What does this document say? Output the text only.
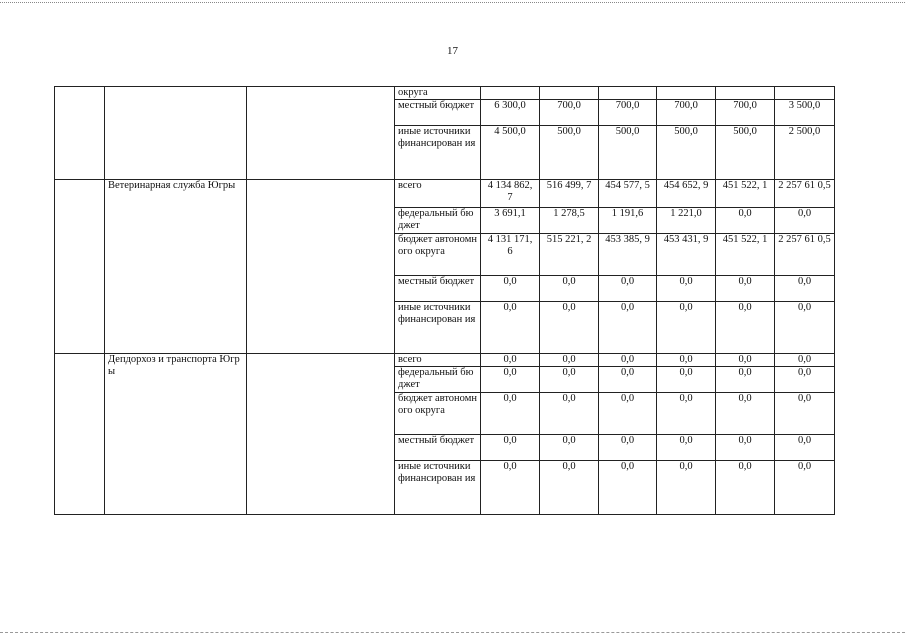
17
			округа						
			местный бюджет	6 300,0	700,0	700,0	700,0	700,0	3 500,0
			иные источники финансирован ия	4 500,0	500,0	500,0	500,0	500,0	2 500,0
	Ветеринарная служба Югры		всего	4 134 862, 7	516 499, 7	454 577, 5	454 652, 9	451 522, 1	2 257 61 0,5
			федеральный бюджет	3 691,1	1 278,5	1 191,6	1 221,0	0,0	0,0
			бюджет автономного округа	4 131 171, 6	515 221, 2	453 385, 9	453 431, 9	451 522, 1	2 257 61 0,5
			местный бюджет	0,0	0,0	0,0	0,0	0,0	0,0
			иные источники финансирован ия	0,0	0,0	0,0	0,0	0,0	0,0
	Депдорхоз и транспорта Югры		всего	0,0	0,0	0,0	0,0	0,0	0,0
			федеральный бюджет	0,0	0,0	0,0	0,0	0,0	0,0
			бюджет автономного округа	0,0	0,0	0,0	0,0	0,0	0,0
			местный бюджет	0,0	0,0	0,0	0,0	0,0	0,0
			иные источники финансирован ия	0,0	0,0	0,0	0,0	0,0	0,0
